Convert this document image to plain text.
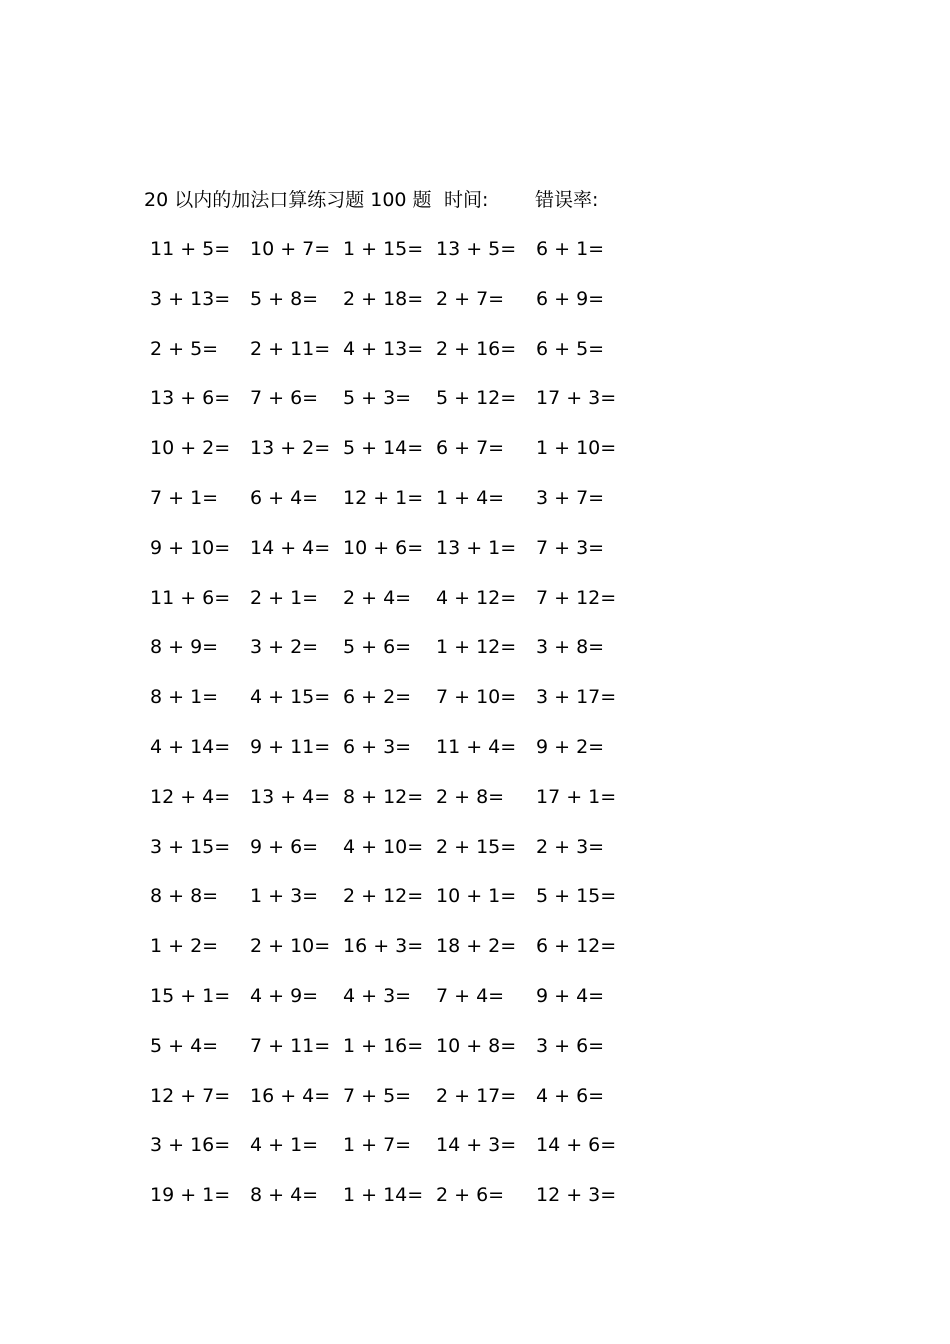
20 以内的加法口算练习题 100 题 时间: 错误率:
11 + 5= 10 + 7= 1 + 15= 13 + 5= 6 + 1=
3 + 13= 5 + 8= 2 + 18= 2 + 7= 6 + 9=
2 + 5= 2 + 11= 4 + 13= 2 + 16= 6 + 5=
13 + 6= 7 + 6= 5 + 3= 5 + 12= 17 + 3=
10 + 2= 13 + 2= 5 + 14= 6 + 7= 1 + 10=
7 + 1= 6 + 4= 12 + 1= 1 + 4= 3 + 7=
9 + 10= 14 + 4= 10 + 6= 13 + 1= 7 + 3=
11 + 6= 2 + 1= 2 + 4= 4 + 12= 7 + 12=
8 + 9= 3 + 2= 5 + 6= 1 + 12= 3 + 8=
8 + 1= 4 + 15= 6 + 2= 7 + 10= 3 + 17=
4 + 14= 9 + 11= 6 + 3= 11 + 4= 9 + 2=
12 + 4= 13 + 4= 8 + 12= 2 + 8= 17 + 1=
3 + 15= 9 + 6= 4 + 10= 2 + 15= 2 + 3=
8 + 8= 1 + 3= 2 + 12= 10 + 1= 5 + 15=
1 + 2= 2 + 10= 16 + 3= 18 + 2= 6 + 12=
15 + 1= 4 + 9= 4 + 3= 7 + 4= 9 + 4=
5 + 4= 7 + 11= 1 + 16= 10 + 8= 3 + 6=
12 + 7= 16 + 4= 7 + 5= 2 + 17= 4 + 6=
3 + 16= 4 + 1= 1 + 7= 14 + 3= 14 + 6=
19 + 1= 8 + 4= 1 + 14= 2 + 6= 12 + 3=
